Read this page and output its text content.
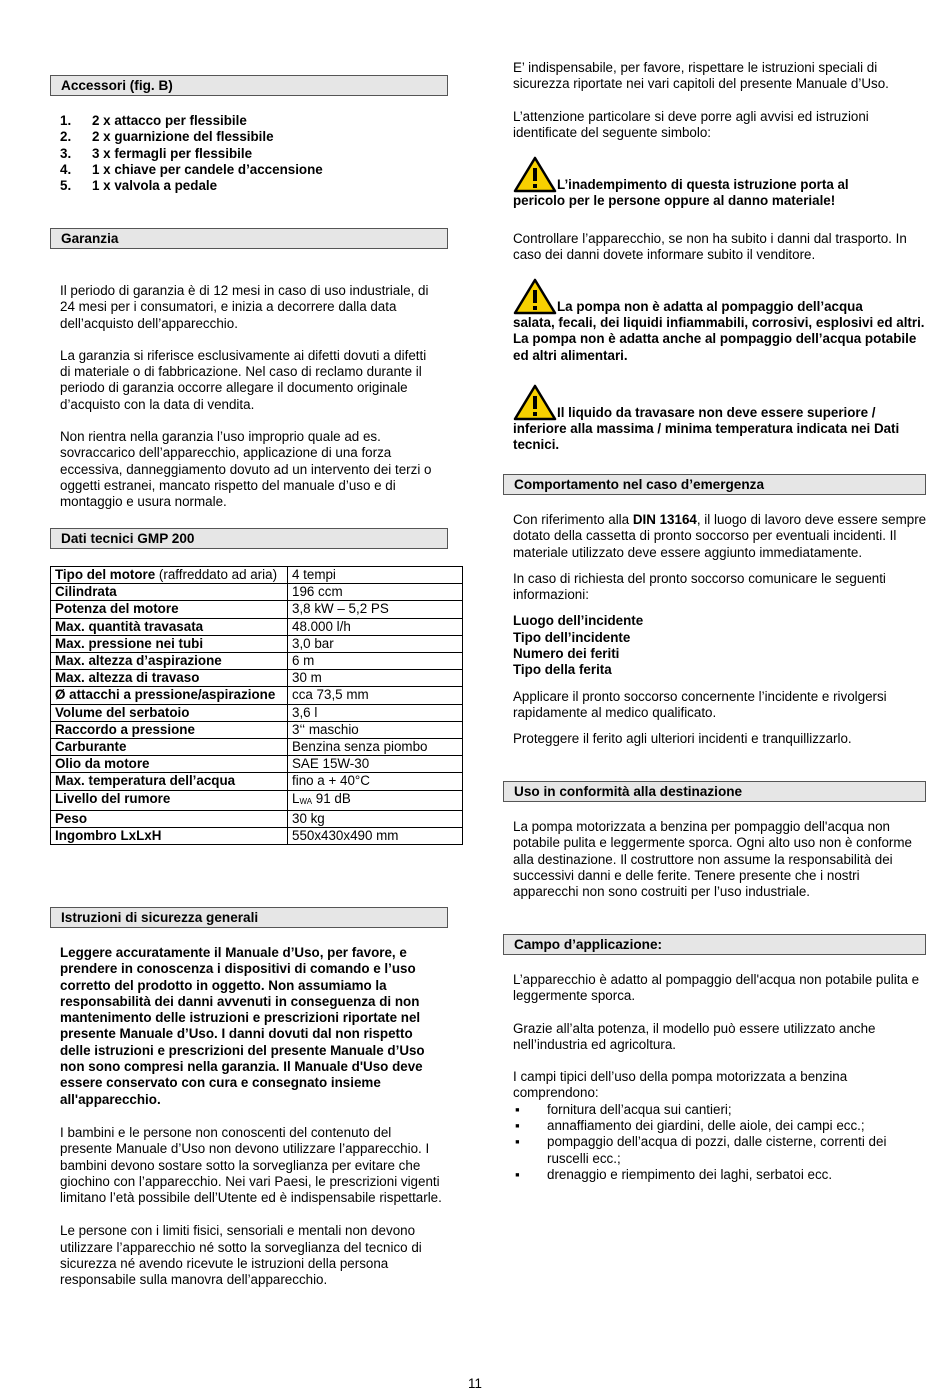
Accessori (fig. B)
1.	2 x attacco per flessibile
2.	2 x guarnizione del flessibile
3.	3 x fermagli per flessibile
4.	1 x chiave per candele d’accensione
5.	1 x valvola a pedale
Garanzia

Il periodo di garanzia è di 12 mesi in caso di uso industriale, di 24 mesi per i consumatori, e inizia a decorrere dalla data dell’acquisto dell’apparecchio.

La garanzia si riferisce esclusivamente ai difetti dovuti a difetti di materiale o di fabbricazione. Nel caso di reclamo durante il periodo di garanzia occorre allegare il documento originale d’acquisto con la data di vendita.

Non rientra nella garanzia l’uso improprio quale ad es. sovraccarico dell’apparecchio, applicazione di una forza eccessiva, danneggiamento dovuto ad un intervento dei terzi o oggetti estranei, mancato rispetto del manuale d’uso e di montaggio e usura normale.

Dati tecnici GMP 200
Tipo del motore (raffreddato ad aria)	4 tempi
Cilindrata	196 ccm
Potenza del motore	3,8 kW – 5,2 PS
Max. quantità travasata	48.000 l/h
Max. pressione nei tubi	3,0 bar
Max. altezza d’aspirazione	6 m
Max. altezza di travaso	30 m
Ø attacchi a pressione/aspirazione	cca 73,5 mm
Volume del serbatoio	3,6 l
Raccordo a pressione	3‘‘ maschio
Carburante	Benzina senza piombo
Olio da motore	SAE 15W-30
Max. temperatura dell’acqua	fino a + 40°C
Livello del rumore	$L_{WA}$ 91 dB
Peso	30 kg
Ingombro LxLxH	550x430x490 mm
Istruzioni di sicurezza generali

Leggere accuratamente il Manuale d’Uso, per favore, e prendere in conoscenza i dispositivi di comando e l’uso corretto del prodotto in oggetto. Non assumiamo la responsabilità dei danni avvenuti in conseguenza di non mantenimento delle istruzioni e prescrizioni riportate nel presente Manuale d’Uso. I danni dovuti dal non rispetto delle istruzioni e prescrizioni del presente Manuale d’Uso non sono compresi nella garanzia. Il Manuale d'Uso deve essere conservato con cura e consegnato insieme all'apparecchio.

I bambini e le persone non conoscenti del contenuto del presente Manuale d’Uso non devono utilizzare l’apparecchio. I bambini devono sostare sotto la sorveglianza per evitare che giochino con l’apparecchio. Nei vari Paesi, le prescrizioni vigenti limitano l’età possibile dell’Utente ed è indispensabile rispettarle.

Le persone con i limiti fisici, sensoriali e mentali non devono utilizzare l’apparecchio né sotto la sorveglianza del tecnico di sicurezza né avendo ricevute le istruzioni della persona responsabile sulla manovra dell’apparecchio.

E’ indispensabile, per favore, rispettare le istruzioni speciali di sicurezza riportate nei vari capitoli del presente Manuale d’Uso.

L’attenzione particolare si deve porre agli avvisi ed istruzioni identificate del seguente simbolo:

L’inadempimento di questa istruzione porta al

pericolo per le persone oppure al danno materiale!

Controllare l’apparecchio, se non ha subito i danni dal trasporto. In caso dei danni dovete informare subito il venditore.

La pompa non è adatta al pompaggio dell’acqua

salata, fecali, dei liquidi infiammabili, corrosivi, esplosivi ed altri. La pompa non è adatta anche al pompaggio dell’acqua potabile ed altri alimentari.

Il liquido da travasare non deve essere superiore /

inferiore alla massima / minima temperatura indicata nei Dati tecnici.

Comportamento nel caso d’emergenza

Con riferimento alla DIN 13164, il luogo di lavoro deve essere sempre dotato della cassetta di pronto soccorso per eventuali incidenti. Il materiale utilizzato deve essere aggiunto immediatamente.

In caso di richiesta del pronto soccorso comunicare le seguenti informazioni:

Luogo dell’incidente
Tipo dell’incidente
Numero dei feriti
Tipo della ferita

Applicare il pronto soccorso concernente l’incidente e rivolgersi rapidamente al medico qualificato.

Proteggere il ferito agli ulteriori incidenti e tranquillizzarlo.

Uso in conformità alla destinazione

La pompa motorizzata a benzina per pompaggio dell'acqua non potabile pulita e leggermente sporca. Ogni alto uso non è conforme alla destinazione. Il costruttore non assume la responsabilità dei successivi danni e delle ferite. Tenere presente che i nostri apparecchi non sono costruiti per l’uso industriale.

Campo d’applicazione:

L’apparecchio è adatto al pompaggio dell'acqua non potabile pulita e leggermente sporca.

Grazie all’alta potenza, il modello può essere utilizzato anche nell’industria ed agricoltura.

I campi tipici dell’uso della pompa motorizzata a benzina comprendono:

▪	fornitura dell’acqua sui cantieri;
▪	annaffiamento dei giardini, delle aiole, dei campi ecc.;
▪	pompaggio dell’acqua di pozzi, dalle cisterne, correnti dei ruscelli ecc.;
▪	drenaggio e riempimento dei laghi, serbatoi ecc.
11
